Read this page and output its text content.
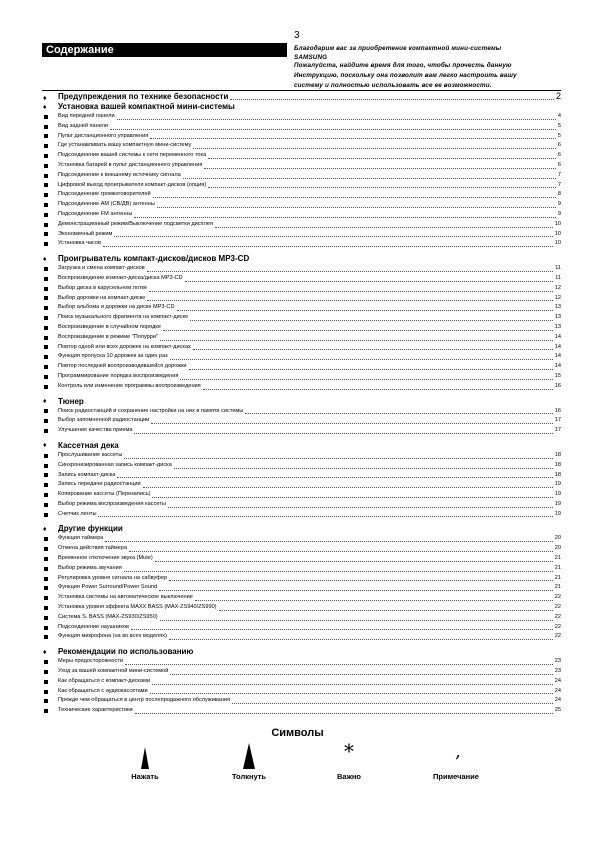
3
Содержание	Благодарим вас за приобретение компактной мини-системы
SAMSUNG
Пожалуйста, найдите время для того, чтобы прочесть данную
Инструкцию, поскольку она позволит вам легко настроить вашу
систему и полностью использовать все ее возможности.
♦ Предупреждения по технике безопасности	2
♦ Установка вашей компактной мини-системы
Вид передней панели	4
Вид задней панели	5
Пульт дистанционного управления	5
Где устанавливать вашу компактную мини-систему	6
Подсоединение вашей системы к сети переменного тока	6
Установка батарей в пульт дистанционного управления	6
Подсоединение к внешнему источнику сигнала	7
Цифровой выход проигрывателя компакт-дисков (опция)	7
Подсоединение громкоговорителей	8
Подсоединение AM (СВ/ДВ) антенны	9
Подсоединение FM антенны	9
Демонстрационный режим/Выключение подсветки дисплея	10
Экономичный режим	10
Установка часов	10
♦ Проигрыватель компакт-дисков/дисков MP3-CD
Загрузка и смена компакт-дисков	11
Воспроизведение компакт-диска/диска MP3-CD	11
Выбор диска в карусельном лотке	12
Выбор дорожки на компакт-диске	12
Выбор альбома и дорожки на диске MP3-CD	13
Поиск музыкального фрагмента на компакт-диске	13
Воспроизведение в случайном порядке	13
Воспроизведение в режиме "Попурри"	14
Повтор одной или всех дорожек на компакт-дисках	14
Функция пропуска 10 дорожек за один раз	14
Повтор последней воспроизводившейся дорожки	14
Программирование порядка воспроизведения	15
Контроль или изменение программы воспроизведения	16
♦ Тюнер
Поиск радиостанций и сохранение настройки на них в памяти системы	16
Выбор запомненной радиостанции	17
Улучшение качества приема	17
♦ Кассетная дека
Прослушивание кассеты	18
Синхронизированная запись компакт-диска	18
Запись компакт-диска	18
Запись передачи радиостанции	19
Копирование кассеты (Перезапись)	19
Выбор режима воспроизведения кассеты	19
Счетчик ленты	19
♦ Другие функции
Функция таймера	20
Отмена действия таймера	20
Временное отключение звука (Mute)	21
Выбор режима звучания	21
Регулировка уровня сигнала на сабвуфер	21
Функция Power Surround/Power Sound	21
Установка системы на автоматическое выключение	22
Установка уровня эффекта MAXX BASS (MAX-ZS940/ZS990)	22
Система S. BASS (MAX-ZS930/ZS950)	22
Подсоединение наушников	22
Функция микрофона (на во всех моделях)	22
♦ Рекомендации по использованию
Меры предосторожности	23
Уход за вашей компактной мини-системой	23
Как обращаться с компакт-дисками	24
Как обращаться с аудиокассетами	24
Прежде чем обращаться в центр послепродажного обслуживания	24
Технические характеристики	25
Символы
Нажать	Толкнуть
*
Важно
,
Примечание
